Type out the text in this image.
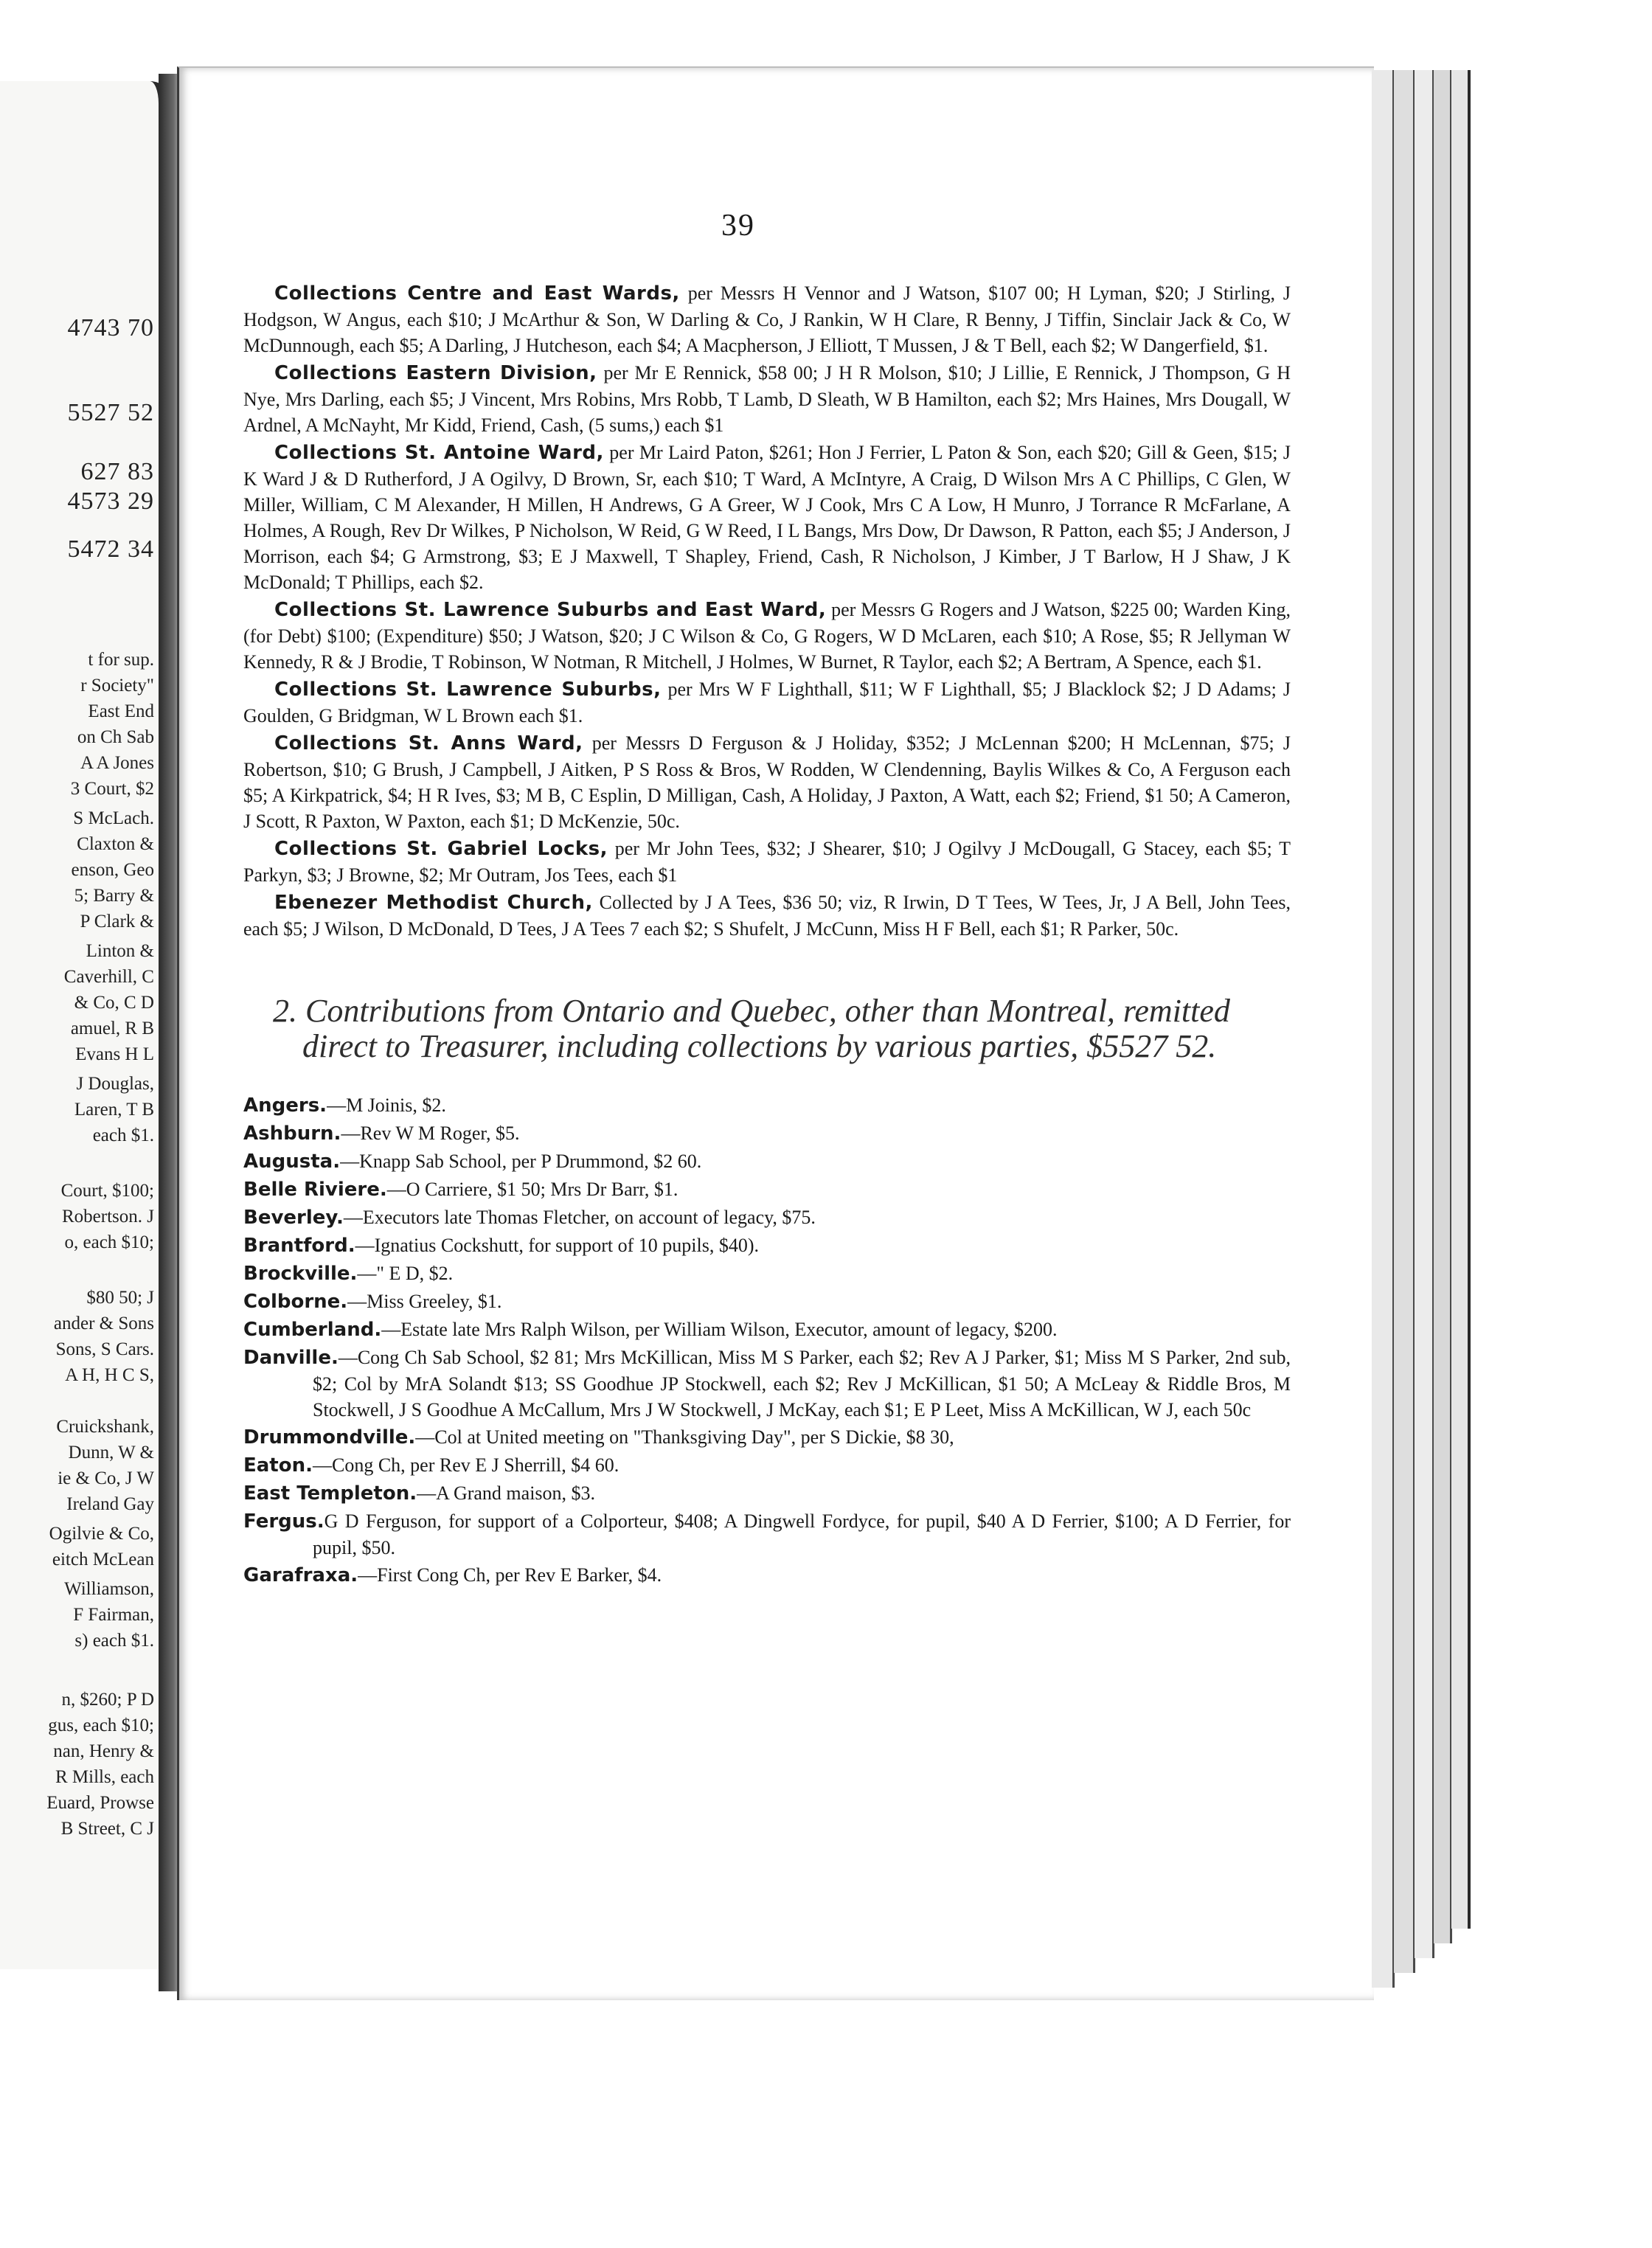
4743 70
5527 52
627 83
4573 29
5472 34
t for sup.
r Society"
East End
on Ch Sab
A A Jones
3 Court, $2
S McLach.
Claxton &
enson, Geo
5; Barry &
P Clark &
Linton &
Caverhill, C
& Co, C D
amuel, R B
Evans H L
J Douglas,
Laren, T B
each $1.
Court, $100;
Robertson. J
o, each $10;
$80 50; J
ander & Sons
Sons, S Cars.
A H, H C S,
Cruickshank,
Dunn, W &
ie & Co, J W
Ireland Gay
Ogilvie & Co,
eitch McLean
Williamson,
F Fairman,
s) each $1.
n, $260; P D
gus, each $10;
nan, Henry &
R Mills, each
Euard, Prowse
B Street, C J
39

Collections Centre and East Wards, per Messrs H Vennor and J Watson, $107 00; H Lyman, $20; J Stirling, J Hodgson, W Angus, each $10; J McArthur & Son, W Darling & Co, J Rankin, W H Clare, R Benny, J Tiffin, Sinclair Jack & Co, W McDunnough, each $5; A Darling, J Hutcheson, each $4; A Macpherson, J Elliott, T Mussen, J & T Bell, each $2; W Dangerfield, $1.

Collections Eastern Division, per Mr E Rennick, $58 00; J H R Molson, $10; J Lillie, E Rennick, J Thompson, G H Nye, Mrs Darling, each $5; J Vincent, Mrs Robins, Mrs Robb, T Lamb, D Sleath, W B Hamilton, each $2; Mrs Haines, Mrs Dougall, W Ardnel, A McNayht, Mr Kidd, Friend, Cash, (5 sums,) each $1

Collections St. Antoine Ward, per Mr Laird Paton, $261; Hon J Ferrier, L Paton & Son, each $20; Gill & Geen, $15; J K Ward J & D Rutherford, J A Ogilvy, D Brown, Sr, each $10; T Ward, A McIntyre, A Craig, D Wilson Mrs A C Phillips, C Glen, W Miller, William, C M Alexander, H Millen, H Andrews, G A Greer, W J Cook, Mrs C A Low, H Munro, J Torrance R McFarlane, A Holmes, A Rough, Rev Dr Wilkes, P Nicholson, W Reid, G W Reed, I L Bangs, Mrs Dow, Dr Dawson, R Patton, each $5; J Anderson, J Morrison, each $4; G Armstrong, $3; E J Maxwell, T Shapley, Friend, Cash, R Nicholson, J Kimber, J T Barlow, H J Shaw, J K McDonald; T Phillips, each $2.

Collections St. Lawrence Suburbs and East Ward, per Messrs G Rogers and J Watson, $225 00; Warden King, (for Debt) $100; (Expenditure) $50; J Watson, $20; J C Wilson & Co, G Rogers, W D McLaren, each $10; A Rose, $5; R Jellyman W Kennedy, R & J Brodie, T Robinson, W Notman, R Mitchell, J Holmes, W Burnet, R Taylor, each $2; A Bertram, A Spence, each $1.

Collections St. Lawrence Suburbs, per Mrs W F Lighthall, $11; W F Lighthall, $5; J Blacklock $2; J D Adams; J Goulden, G Bridgman, W L Brown each $1.

Collections St. Anns Ward, per Messrs D Ferguson & J Holiday, $352; J McLennan $200; H McLennan, $75; J Robertson, $10; G Brush, J Campbell, J Aitken, P S Ross & Bros, W Rodden, W Clendenning, Baylis Wilkes & Co, A Ferguson each $5; A Kirkpatrick, $4; H R Ives, $3; M B, C Esplin, D Milligan, Cash, A Holiday, J Paxton, A Watt, each $2; Friend, $1 50; A Cameron, J Scott, R Paxton, W Paxton, each $1; D McKenzie, 50c.

Collections St. Gabriel Locks, per Mr John Tees, $32; J Shearer, $10; J Ogilvy J McDougall, G Stacey, each $5; T Parkyn, $3; J Browne, $2; Mr Outram, Jos Tees, each $1

Ebenezer Methodist Church, Collected by J A Tees, $36 50; viz, R Irwin, D T Tees, W Tees, Jr, J A Bell, John Tees, each $5; J Wilson, D McDonald, D Tees, J A Tees 7 each $2; S Shufelt, J McCunn, Miss H F Bell, each $1; R Parker, 50c.

2. Contributions from Ontario and Quebec, other than Montreal, remitted direct to Treasurer, including collections by various parties, $5527 52.

Angers.—M Joinis, $2.

Ashburn.—Rev W M Roger, $5.

Augusta.—Knapp Sab School, per P Drummond, $2 60.

Belle Riviere.—O Carriere, $1 50; Mrs Dr Barr, $1.

Beverley.—Executors late Thomas Fletcher, on account of legacy, $75.

Brantford.—Ignatius Cockshutt, for support of 10 pupils, $40).

Brockville.—" E D, $2.

Colborne.—Miss Greeley, $1.

Cumberland.—Estate late Mrs Ralph Wilson, per William Wilson, Executor, amount of legacy, $200.

Danville.—Cong Ch Sab School, $2 81; Mrs McKillican, Miss M S Parker, each $2; Rev A J Parker, $1; Miss M S Parker, 2nd sub, $2; Col by MrA Solandt $13; SS Goodhue JP Stockwell, each $2; Rev J McKillican, $1 50; A McLeay & Riddle Bros, M Stockwell, J S Goodhue A McCallum, Mrs J W Stockwell, J McKay, each $1; E P Leet, Miss A McKillican, W J, each 50c

Drummondville.—Col at United meeting on "Thanksgiving Day", per S Dickie, $8 30,

Eaton.—Cong Ch, per Rev E J Sherrill, $4 60.

East Templeton.—A Grand maison, $3.

Fergus.G D Ferguson, for support of a Colporteur, $408; A Dingwell Fordyce, for pupil, $40 A D Ferrier, $100; A D Ferrier, for pupil, $50.

Garafraxa.—First Cong Ch, per Rev E Barker, $4.
